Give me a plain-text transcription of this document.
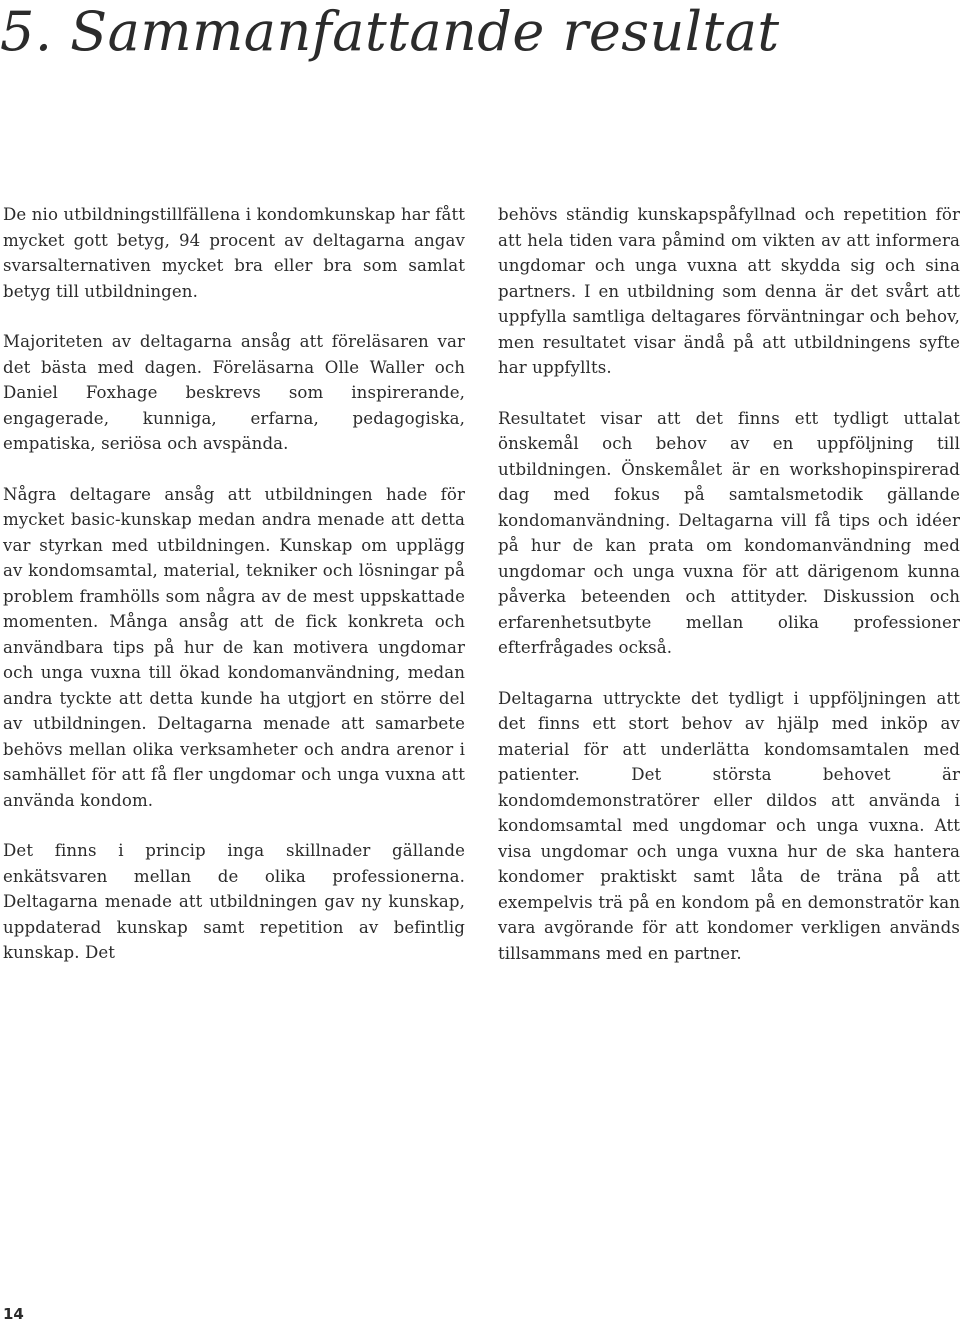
5. Sammanfattande resultat

De nio utbildningstillfällena i kondomkunskap har fått mycket gott betyg, 94 procent av deltagarna angav svarsalternativen mycket bra eller bra som samlat betyg till utbildningen.

Majoriteten av deltagarna ansåg att föreläsaren var det bästa med dagen. Föreläsarna Olle Waller och Daniel Foxhage beskrevs som inspirerande, engagerade, kunniga, erfarna, pedagogiska, empatiska, seriösa och avspända.

Några deltagare ansåg att utbildningen hade för mycket basic-kunskap medan andra menade att detta var styrkan med utbildningen. Kunskap om upplägg av kondomsamtal, material, tekniker och lösningar på problem framhölls som några av de mest uppskattade momenten. Många ansåg att de fick konkreta och användbara tips på hur de kan motivera ungdomar och unga vuxna till ökad kondomanvändning, medan andra tyckte att detta kunde ha utgjort en större del av utbildningen. Deltagarna menade att samarbete behövs mellan olika verksamheter och andra arenor i samhället för att få fler ungdomar och unga vuxna att använda kondom.

Det finns i princip inga skillnader gällande enkätsvaren mellan de olika professionerna. Deltagarna menade att utbildningen gav ny kunskap, uppdaterad kunskap samt repetition av befintlig kunskap. Det

behövs ständig kunskapspåfyllnad och repetition för att hela tiden vara påmind om vikten av att informera ungdomar och unga vuxna att skydda sig och sina partners. I en utbildning som denna är det svårt att uppfylla samtliga deltagares förväntningar och behov, men resultatet visar ändå på att utbildningens syfte har uppfyllts.

Resultatet visar att det finns ett tydligt uttalat önskemål och behov av en uppföljning till utbildningen. Önskemålet är en workshopinspirerad dag med fokus på samtalsmetodik gällande kondomanvändning. Deltagarna vill få tips och idéer på hur de kan prata om kondomanvändning med ungdomar och unga vuxna för att därigenom kunna påverka beteenden och attityder. Diskussion och erfarenhetsutbyte mellan olika professioner efterfrågades också.

Deltagarna uttryckte det tydligt i uppföljningen att det finns ett stort behov av hjälp med inköp av material för att underlätta kondomsamtalen med patienter. Det största behovet är kondomdemonstratörer eller dildos att använda i kondomsamtal med ungdomar och unga vuxna. Att visa ungdomar och unga vuxna hur de ska hantera kondomer praktiskt samt låta de träna på att exempelvis trä på en kondom på en demonstratör kan vara avgörande för att kondomer verkligen används tillsammans med en partner.

14
